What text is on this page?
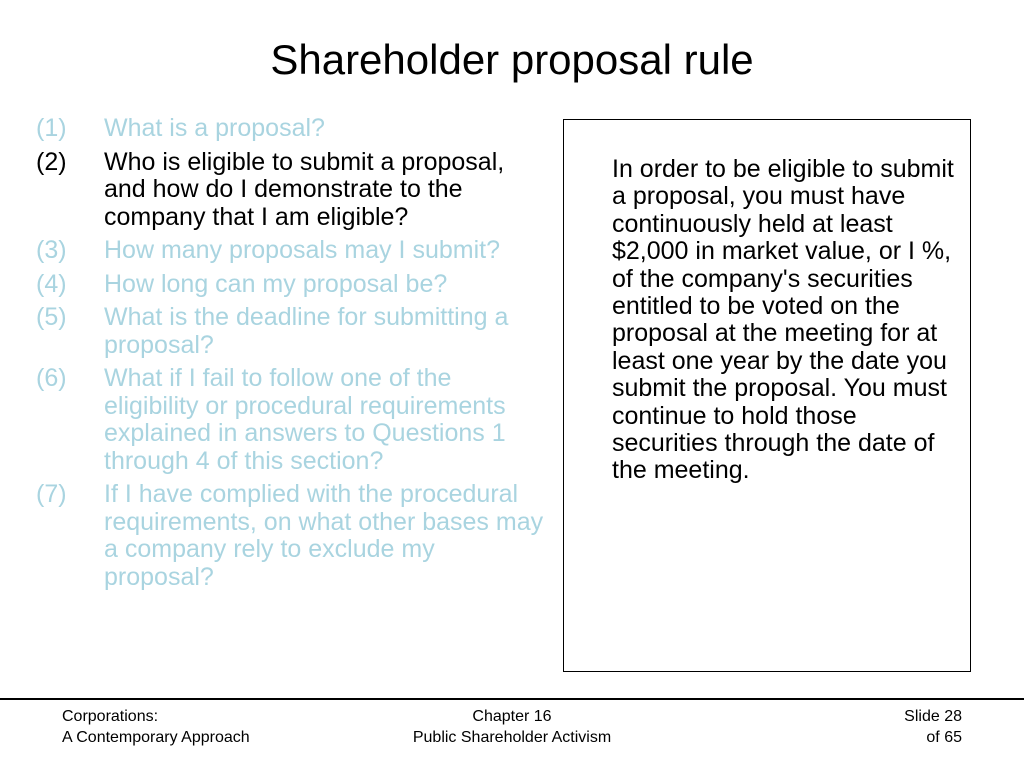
Shareholder proposal rule
(1)	What is a proposal?
(2)	Who is eligible to submit a proposal, and how do I demonstrate to the company that I am eligible?
(3)	How many proposals may I submit?
(4)	How long can my proposal be?
(5)	What is the deadline for submitting a proposal?
(6)	What if I fail to follow one of the eligibility or procedural requirements explained in answers to Questions 1 through 4 of this section?
(7)	If I have complied with the procedural requirements, on what other bases may a company rely to exclude my proposal?
In order to be eligible to submit a proposal, you must have continuously held at least $2,000 in market value, or I %, of the company's securities entitled to be voted on the proposal at the meeting for at least one year by the date you submit the proposal. You must continue to hold those securities through the date of the meeting.
Corporations:
A Contemporary Approach
Chapter 16
Public Shareholder Activism
Slide 28
of 65
